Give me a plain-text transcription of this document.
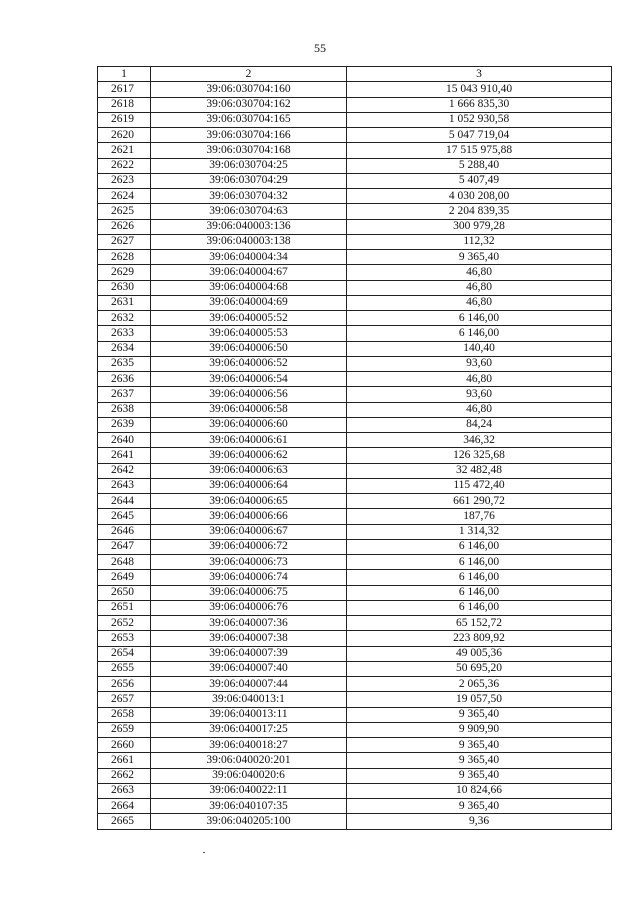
55
1	2	3
2617	39:06:030704:160	15 043 910,40
2618	39:06:030704:162	1 666 835,30
2619	39:06:030704:165	1 052 930,58
2620	39:06:030704:166	5 047 719,04
2621	39:06:030704:168	17 515 975,88
2622	39:06:030704:25	5 288,40
2623	39:06:030704:29	5 407,49
2624	39:06:030704:32	4 030 208,00
2625	39:06:030704:63	2 204 839,35
2626	39:06:040003:136	300 979,28
2627	39:06:040003:138	112,32
2628	39:06:040004:34	9 365,40
2629	39:06:040004:67	46,80
2630	39:06:040004:68	46,80
2631	39:06:040004:69	46,80
2632	39:06:040005:52	6 146,00
2633	39:06:040005:53	6 146,00
2634	39:06:040006:50	140,40
2635	39:06:040006:52	93,60
2636	39:06:040006:54	46,80
2637	39:06:040006:56	93,60
2638	39:06:040006:58	46,80
2639	39:06:040006:60	84,24
2640	39:06:040006:61	346,32
2641	39:06:040006:62	126 325,68
2642	39:06:040006:63	32 482,48
2643	39:06:040006:64	115 472,40
2644	39:06:040006:65	661 290,72
2645	39:06:040006:66	187,76
2646	39:06:040006:67	1 314,32
2647	39:06:040006:72	6 146,00
2648	39:06:040006:73	6 146,00
2649	39:06:040006:74	6 146,00
2650	39:06:040006:75	6 146,00
2651	39:06:040006:76	6 146,00
2652	39:06:040007:36	65 152,72
2653	39:06:040007:38	223 809,92
2654	39:06:040007:39	49 005,36
2655	39:06:040007:40	50 695,20
2656	39:06:040007:44	2 065,36
2657	39:06:040013:1	19 057,50
2658	39:06:040013:11	9 365,40
2659	39:06:040017:25	9 909,90
2660	39:06:040018:27	9 365,40
2661	39:06:040020:201	9 365,40
2662	39:06:040020:6	9 365,40
2663	39:06:040022:11	10 824,66
2664	39:06:040107:35	9 365,40
2665	39:06:040205:100	9,36
